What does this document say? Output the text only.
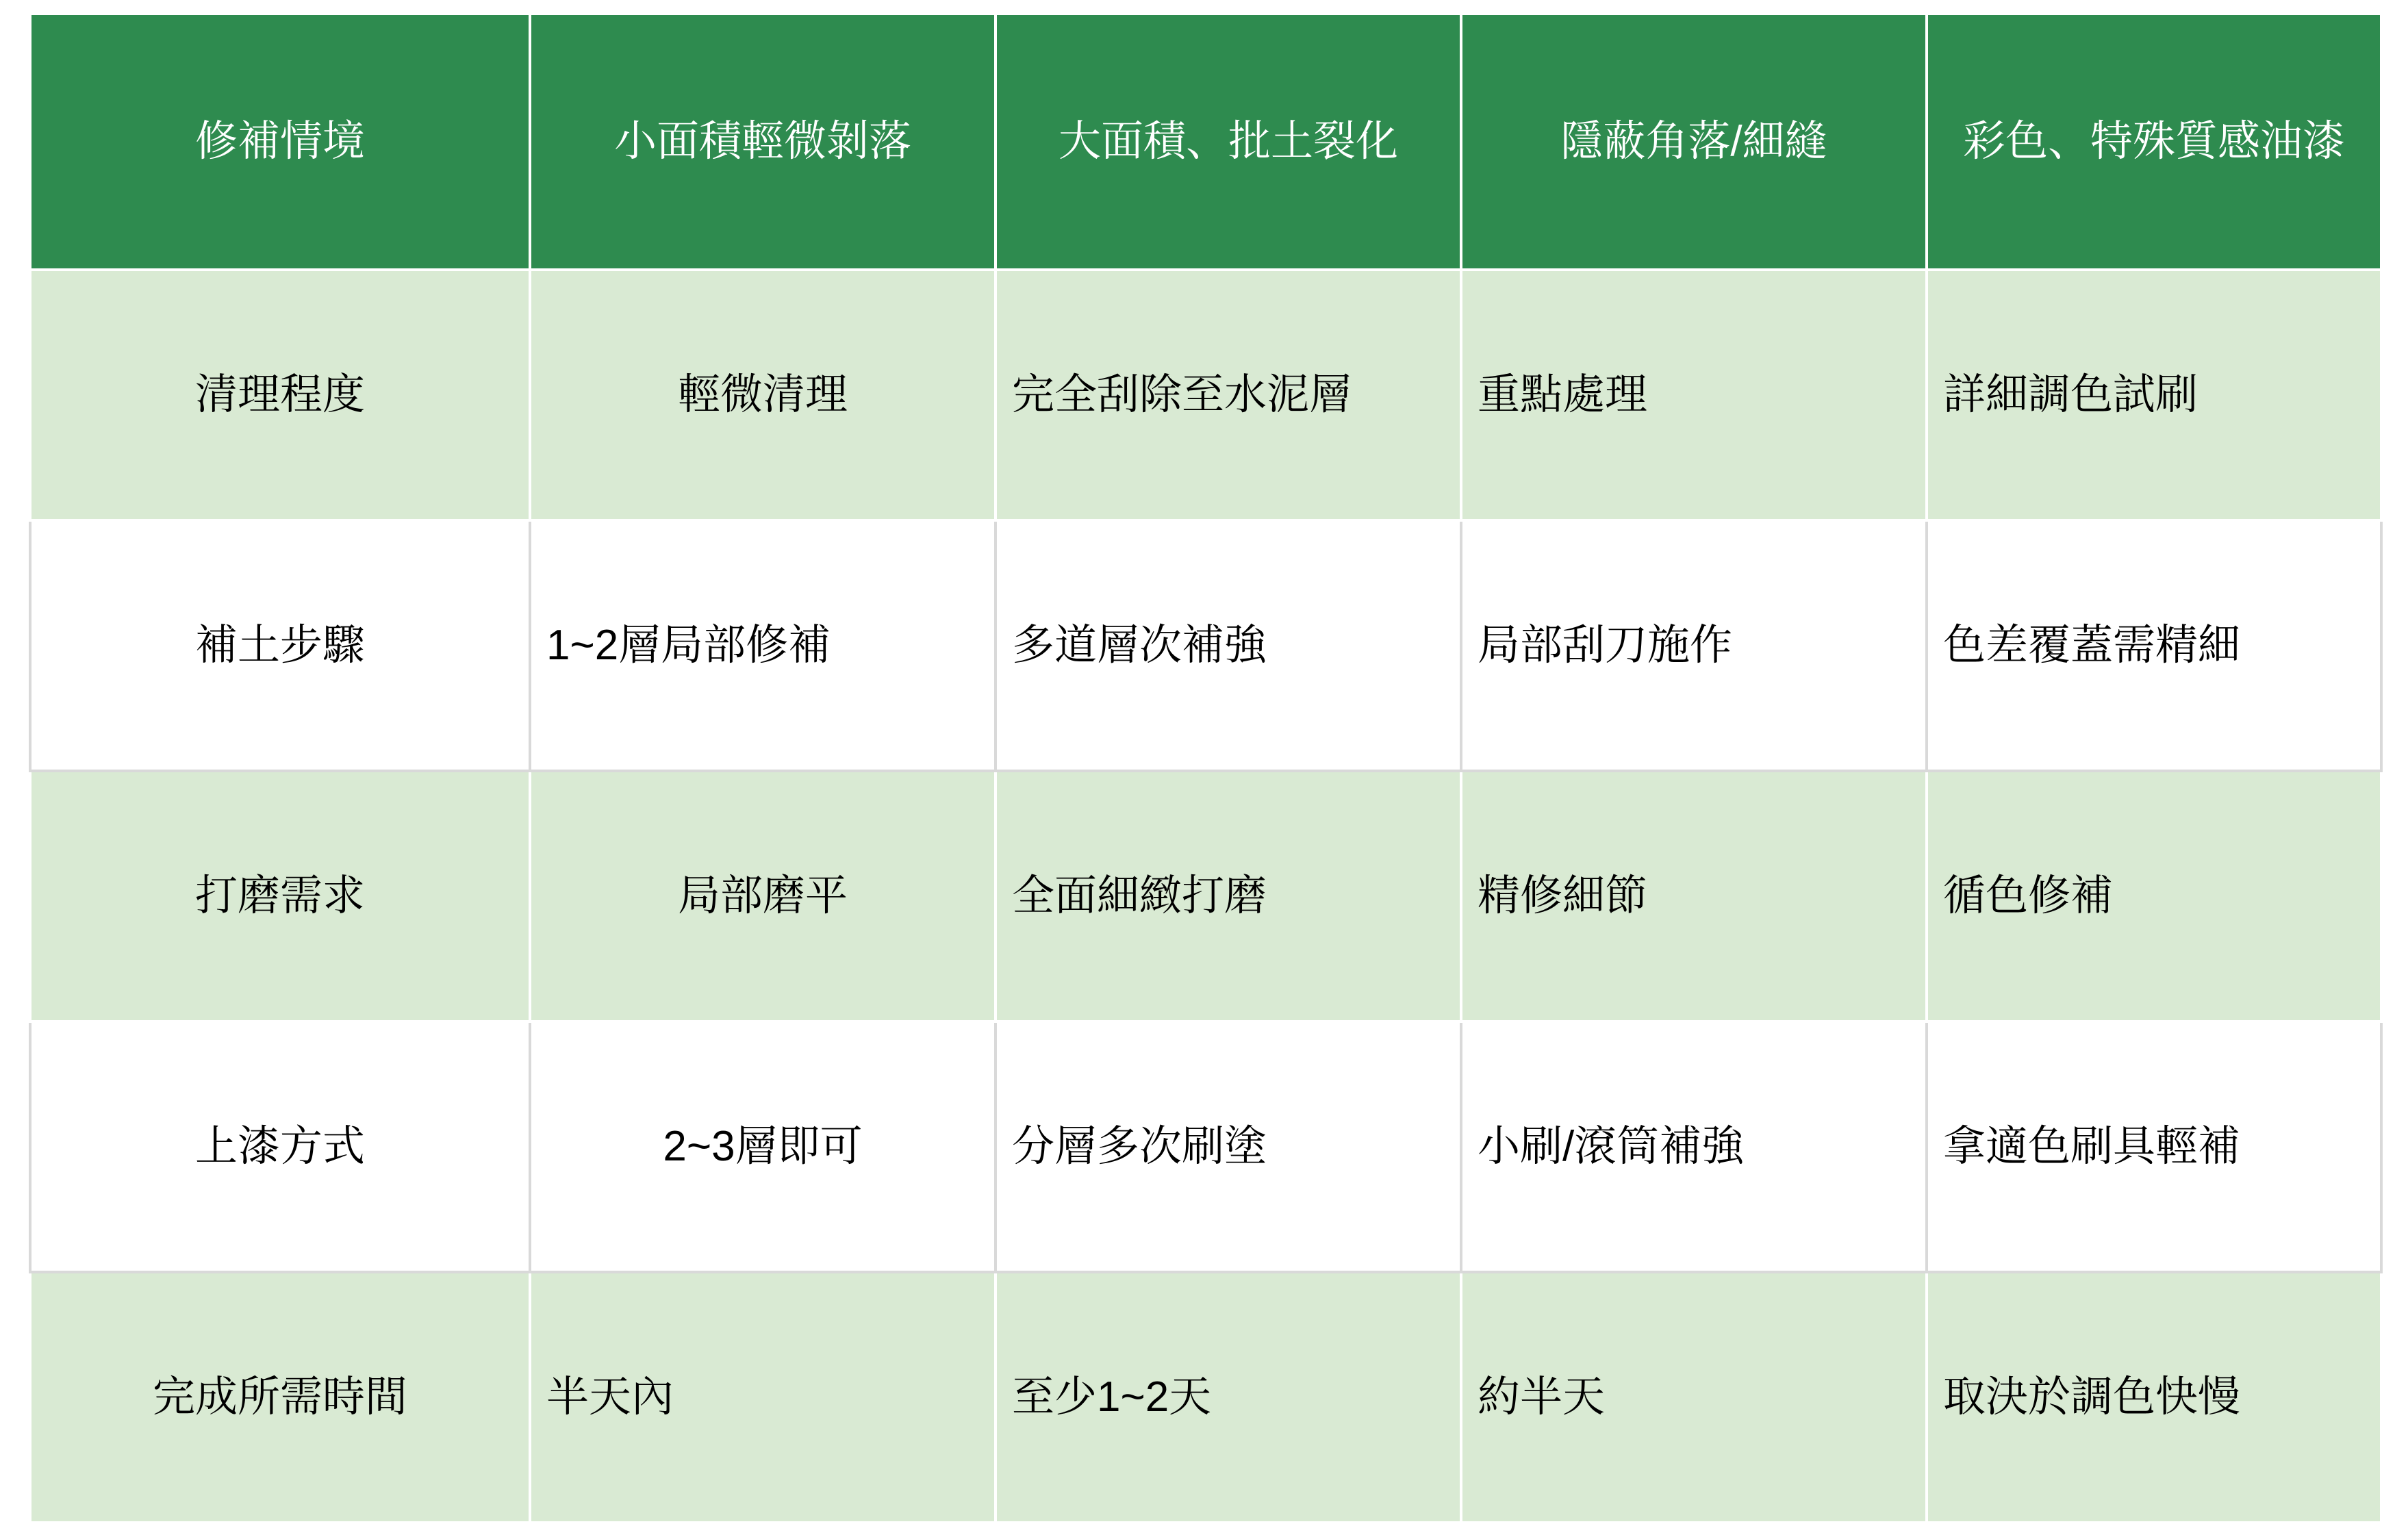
修補情境	小面積輕微剝落	大面積、批土裂化	隱蔽角落/細縫	彩色、特殊質感油漆
清理程度	輕微清理	完全刮除至水泥層	重點處理	詳細調色試刷
補土步驟	1~2層局部修補	多道層次補強	局部刮刀施作	色差覆蓋需精細
打磨需求	局部磨平	全面細緻打磨	精修細節	循色修補
上漆方式	2~3層即可	分層多次刷塗	小刷/滾筒補強	拿適色刷具輕補
完成所需時間	半天內	至少1~2天	約半天	取決於調色快慢
